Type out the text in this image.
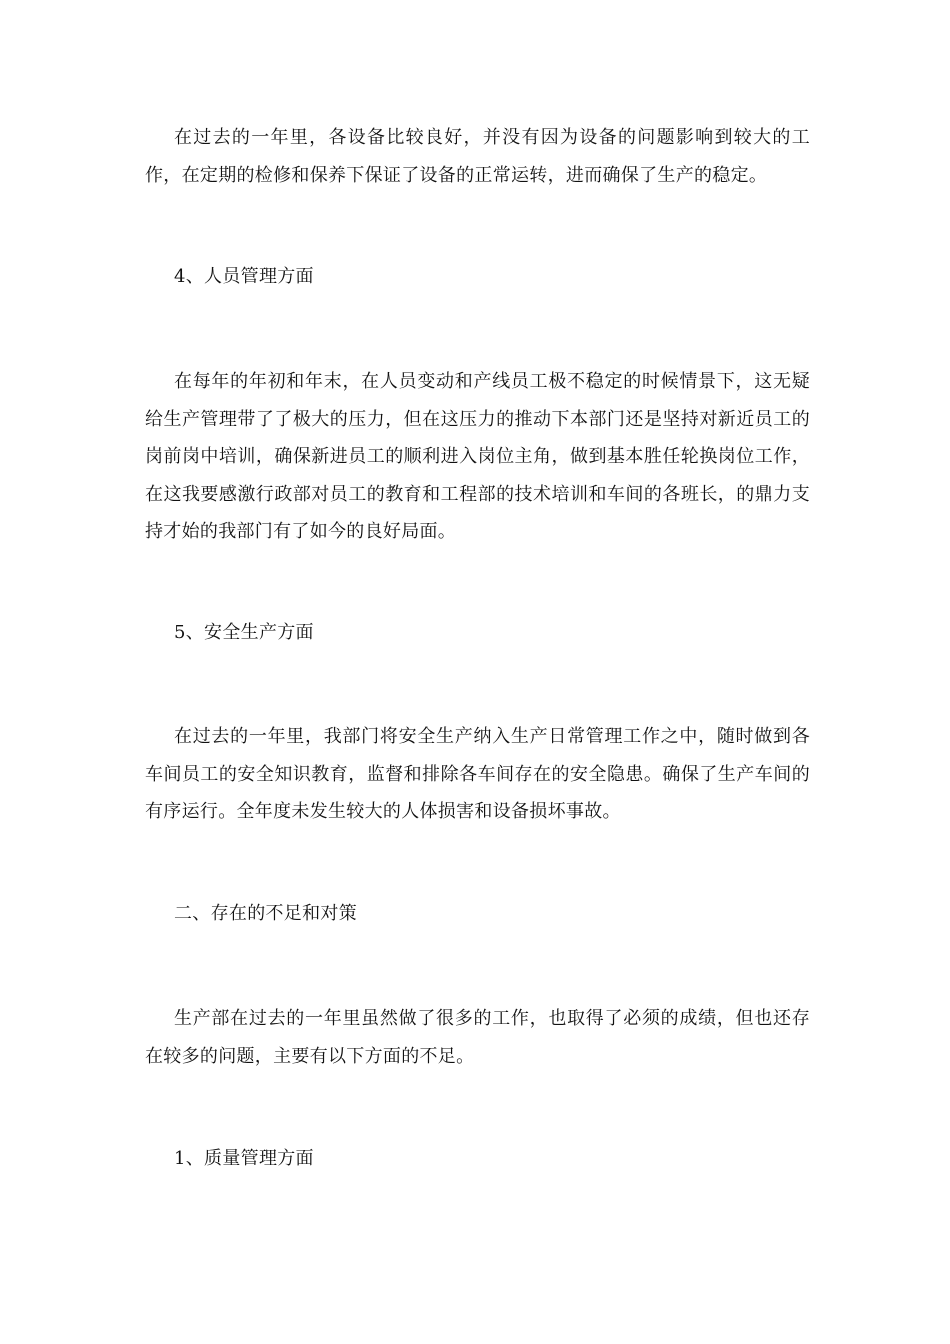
在过去的一年里，各设备比较良好，并没有因为设备的问题影响到较大的工作，在定期的检修和保养下保证了设备的正常运转，进而确保了生产的稳定。

4、人员管理方面

在每年的年初和年末，在人员变动和产线员工极不稳定的时候情景下，这无疑给生产管理带了了极大的压力，但在这压力的推动下本部门还是坚持对新近员工的岗前岗中培训，确保新进员工的顺利进入岗位主角，做到基本胜任轮换岗位工作，在这我要感激行政部对员工的教育和工程部的技术培训和车间的各班长，的鼎力支持才始的我部门有了如今的良好局面。

5、安全生产方面

在过去的一年里，我部门将安全生产纳入生产日常管理工作之中，随时做到各车间员工的安全知识教育，监督和排除各车间存在的安全隐患。确保了生产车间的有序运行。全年度未发生较大的人体损害和设备损坏事故。

二、存在的不足和对策

生产部在过去的一年里虽然做了很多的工作，也取得了必须的成绩，但也还存在较多的问题，主要有以下方面的不足。

1、质量管理方面
